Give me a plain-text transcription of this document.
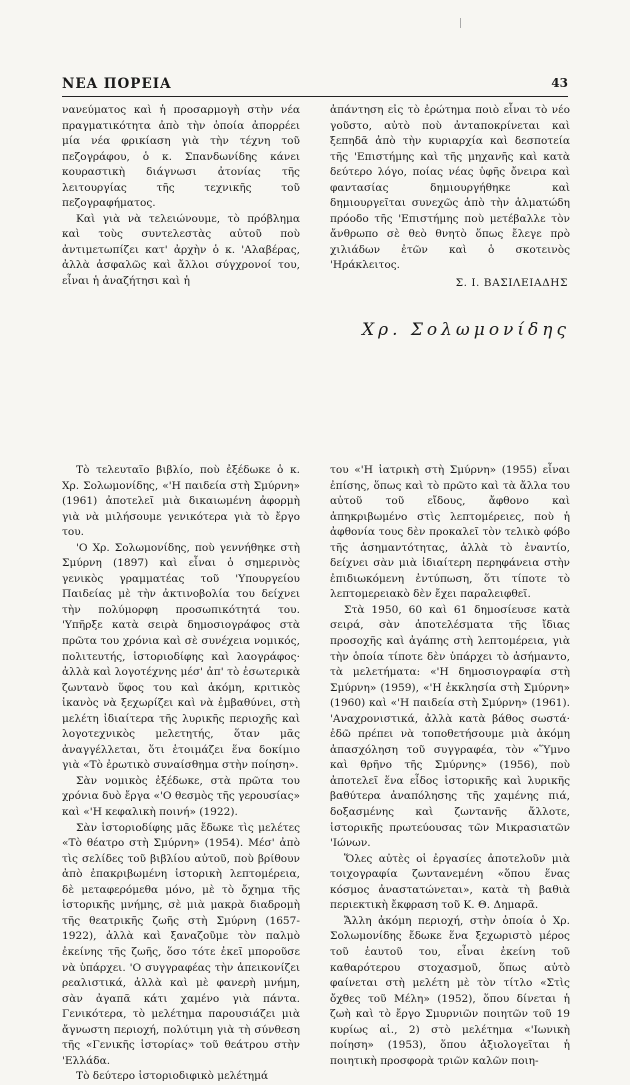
ΝΕΑ ΠΟΡΕΙΑ	43

νανεύματος καὶ ἡ προσαρμογὴ στὴν νέα πραγματικότητα ἀπὸ τὴν ὁποία ἀπορρέει μία νέα φρικίαση γιὰ τὴν τέχνη τοῦ πεζογράφου, ὁ κ. Σπανδωνίδης κάνει κουραστικὴ διάγνωσι ἀτονίας τῆς λειτουργίας τῆς τεχνικῆς τοῦ πεζογραφήματος.

Καὶ γιὰ νὰ τελειώνουμε, τὸ πρόβλημα καὶ τοὺς συντελεστὰς αὐτοῦ ποὺ ἀντιμετωπίζει κατ' ἀρχὴν ὁ κ. 'Αλαβέρας, ἀλλὰ ἀσφαλῶς καὶ ἄλλοι σύγχρονοί του, εἶναι ἡ ἀναζήτησι καὶ ἡ

ἀπάντηση εἰς τὸ ἐρώτημα ποιὸ εἶναι τὸ νέο γοῦστο, αὐτὸ ποὺ ἀνταποκρίνεται καὶ ξεπηδᾶ ἀπὸ τὴν κυριαρχία καὶ δεσποτεία τῆς 'Επιστήμης καὶ τῆς μηχανῆς καὶ κατὰ δεύτερο λόγο, ποίας νέας ὑφῆς ὄνειρα καὶ φαντασίας δημιουργήθηκε καὶ δημιουργεῖται συνεχῶς ἀπὸ τὴν ἁλματώδη πρόοδο τῆς 'Επιστήμης ποὺ μετέβαλλε τὸν ἄνθρωπο σὲ θεὸ θνητὸ ὅπως ἔλεγε πρὸ χιλιάδων ἐτῶν καὶ ὁ σκοτεινὸς 'Ηράκλειτος.

Σ. Ι. ΒΑΣΙΛΕΙΑΔΗΣ
Χρ. Σολωμονίδης

Τὸ τελευταῖο βιβλίο, ποὺ ἐξέδωκε ὁ κ. Χρ. Σολωμονίδης, «'Η παιδεία στὴ Σμύρνη» (1961) ἀποτελεῖ μιὰ δικαιωμένη ἀφορμὴ γιὰ νὰ μιλήσουμε γενικότερα γιὰ τὸ ἔργο του.

'Ο Χρ. Σολωμονίδης, ποὺ γεννήθηκε στὴ Σμύρνη (1897) καὶ εἶναι ὁ σημερινὸς γενικὸς γραμματέας τοῦ 'Υπουργείου Παιδείας μὲ τὴν ἀκτινοβολία του δείχνει τὴν πολύμορφη προσωπικότητά του. 'Υπῆρξε κατὰ σειρὰ δημοσιογράφος στὰ πρῶτα του χρόνια καὶ σὲ συνέχεια νομικός, πολιτευτής, ἱστοριοδίφης καὶ λαογράφος· ἀλλὰ καὶ λογοτέχνης μέσ' ἀπ' τὸ ἐσωτερικὰ ζωντανὸ ὕφος του καὶ ἀκόμη, κριτικὸς ἱκανὸς νὰ ξεχωρίζει καὶ νὰ ἐμβαθύνει, στὴ μελέτη ἰδιαίτερα τῆς λυρικῆς περιοχῆς καὶ λογοτεχνικὸς μελετητής, ὅταν μᾶς ἀναγγέλλεται, ὅτι ἑτοιμάζει ἕνα δοκίμιο γιὰ «Τὸ ἐρωτικὸ συναίσθημα στὴν ποίηση».

Σὰν νομικὸς ἐξέδωκε, στὰ πρῶτα του χρόνια δυὸ ἔργα «'Ο θεσμὸς τῆς γερουσίας» καὶ «'Η κεφαλικὴ ποινή» (1922).

Σὰν ἱστοριοδίφης μᾶς ἔδωκε τὶς μελέτες «Τὸ θέατρο στὴ Σμύρνη» (1954). Μέσ' ἀπὸ τὶς σελίδες τοῦ βιβλίου αὐτοῦ, ποὺ βρίθουν ἀπὸ ἐπακριβωμένη ἱστορικὴ λεπτομέρεια, δὲ μεταφερόμεθα μόνο, μὲ τὸ ὄχημα τῆς ἱστορικῆς μνήμης, σὲ μιὰ μακρὰ διαδρομὴ τῆς θεατρικῆς ζωῆς στὴ Σμύρνη (1657-1922), ἀλλὰ καὶ ξαναζοῦμε τὸν παλμὸ ἐκείνης τῆς ζωῆς, ὅσο τότε ἐκεῖ μποροῦσε νὰ ὑπάρχει. 'Ο συγγραφέας τὴν ἀπεικονίζει ρεαλιστικά, ἀλλὰ καὶ μὲ φανερὴ μνήμη, σὰν ἀγαπᾶ κάτι χαμένο γιὰ πάντα. Γενικότερα, τὸ μελέτημα παρουσιάζει μιὰ ἄγνωστη περιοχή, πολύτιμη γιὰ τὴ σύνθεση τῆς «Γενικῆς ἱστορίας» τοῦ θεάτρου στὴν 'Ελλάδα.

Τὸ δεύτερο ἱστοριοδιφικὸ μελέτημά

του «'Η ἰατρικὴ στὴ Σμύρνη» (1955) εἶναι ἐπίσης, ὅπως καὶ τὸ πρῶτο καὶ τὰ ἄλλα του αὐτοῦ τοῦ εἴδους, ἄφθονο καὶ ἀπηκριβωμένο στὶς λεπτομέρειες, ποὺ ἡ ἀφθονία τους δὲν προκαλεῖ τὸν τελικὸ φόβο τῆς ἀσημαντότητας, ἀλλὰ τὸ ἐναντίο, δείχνει σὰν μιὰ ἰδιαίτερη περηφάνεια στὴν ἐπιδιωκόμενη ἐντύπωση, ὅτι τίποτε τὸ λεπτομερειακὸ δὲν ἔχει παραλειφθεῖ.

Στὰ 1950, 60 καὶ 61 δημοσίευσε κατὰ σειρά, σὰν ἀποτελέσματα τῆς ἴδιας προσοχῆς καὶ ἀγάπης στὴ λεπτομέρεια, γιὰ τὴν ὁποία τίποτε δὲν ὑπάρχει τὸ ἀσήμαντο, τὰ μελετήματα: «'Η δημοσιογραφία στὴ Σμύρνη» (1959), «'Η ἐκκλησία στὴ Σμύρνη» (1960) καὶ «'Η παιδεία στὴ Σμύρνη» (1961). 'Αναχρονιστικά, ἀλλὰ κατὰ βάθος σωστά· ἐδῶ πρέπει νὰ τοποθετήσουμε μιὰ ἀκόμη ἀπασχόληση τοῦ συγγραφέα, τὸν «Ὕμνο καὶ θρῆνο τῆς Σμύρνης» (1956), ποὺ ἀποτελεῖ ἕνα εἶδος ἱστορικῆς καὶ λυρικῆς βαθύτερα ἀναπόλησης τῆς χαμένης πιά, δοξασμένης καὶ ζωντανῆς ἄλλοτε, ἱστορικῆς πρωτεύουσας τῶν Μικρασιατῶν 'Ιώνων.

Ὅλες αὐτὲς οἱ ἐργασίες ἀποτελοῦν μιὰ τοιχογραφία ζωντανεμένη «ὅπου ἕνας κόσμος ἀναστατώνεται», κατὰ τὴ βαθιὰ περιεκτικὴ ἔκφραση τοῦ Κ. Θ. Δημαρᾶ.

Ἄλλη ἀκόμη περιοχή, στὴν ὁποία ὁ Χρ. Σολωμονίδης ἔδωκε ἕνα ξεχωριστὸ μέρος τοῦ ἑαυτοῦ του, εἶναι ἐκείνη τοῦ καθαρότερου στοχασμοῦ, ὅπως αὐτὸ φαίνεται στὴ μελέτη μὲ τὸν τίτλο «Στὶς ὄχθες τοῦ Μέλη» (1952), ὅπου δίνεται ἡ ζωὴ καὶ τὸ ἔργο Σμυρνιῶν ποιητῶν τοῦ 19 κυρίως αἰ., 2) στὸ μελέτημα «'Ιωνικὴ ποίηση» (1953), ὅπου ἀξιολογεῖται ἡ ποιητικὴ προσφορὰ τριῶν καλῶν ποιη-
